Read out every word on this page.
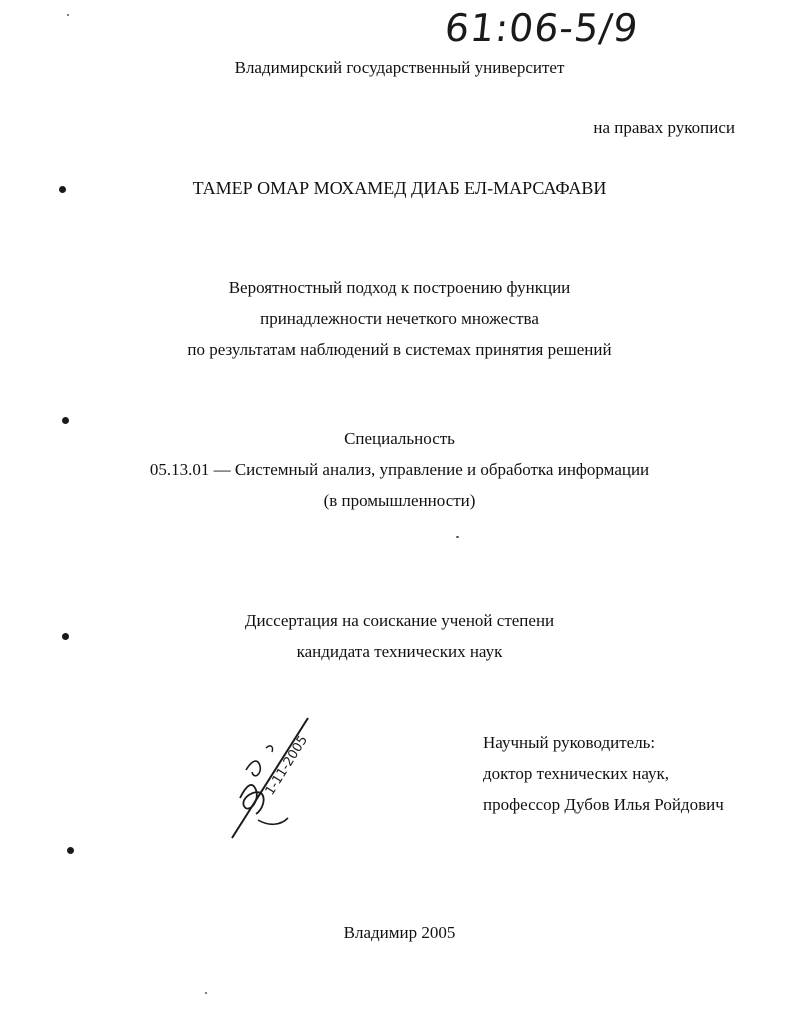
61:06-5/9
Владимирский государственный университет
на правах рукописи
ТАМЕР ОМАР МОХАМЕД ДИАБ ЕЛ-МАРСАФАВИ
Вероятностный подход к построению функции
принадлежности нечеткого множества
по результатам наблюдений в системах принятия решений
Специальность
05.13.01 — Системный анализ, управление и обработка информации
(в промышленности)
Диссертация на соискание ученой степени
кандидата технических наук
1-11-2005	Научный руководитель:
доктор технических наук,
профессор Дубов Илья Ройдович
Владимир 2005
